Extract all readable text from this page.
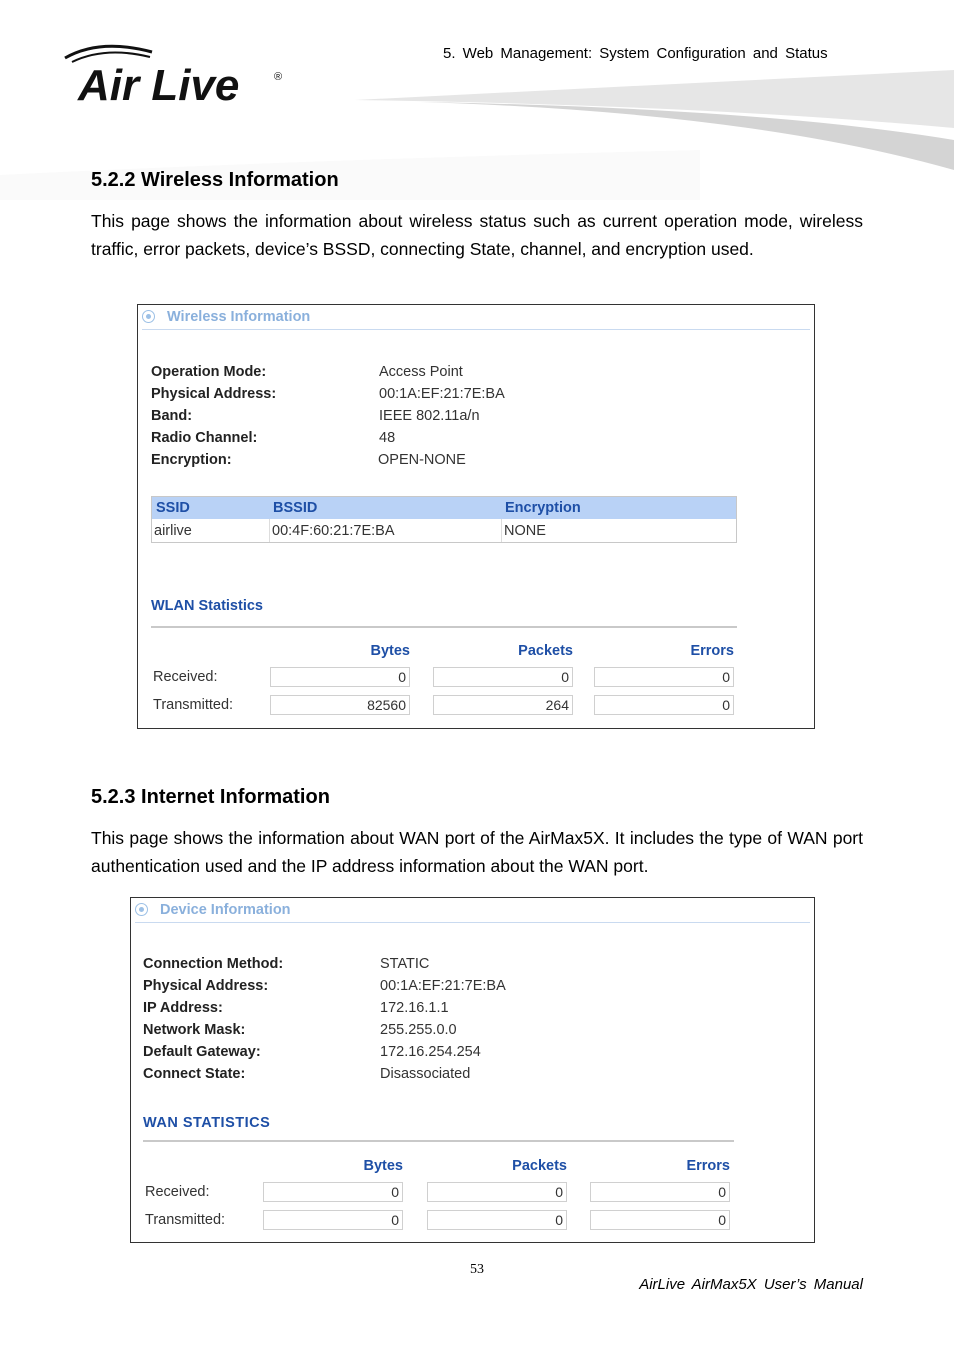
Air Live	®
5. Web Management: System Configuration and Status
5.2.2 Wireless Information

This page shows the information about wireless status such as current operation mode, wireless traffic, error packets, device’s BSSD, connecting State, channel, and encryption used.

Wireless Information
Operation Mode:	Access Point
Physical Address:	00:1A:EF:21:7E:BA
Band:	IEEE 802.11a/n
Radio Channel:	48
Encryption:	OPEN-NONE
SSID	BSSID	Encryption
airlive	00:4F:60:21:7E:BA	NONE
WLAN Statistics
Bytes	Packets	Errors
Received:	0	0	0
Transmitted:	82560	264	0
5.2.3 Internet Information

This page shows the information about WAN port of the AirMax5X. It includes the type of WAN port authentication used and the IP address information about the WAN port.

Device Information
Connection Method:	STATIC
Physical Address:	00:1A:EF:21:7E:BA
IP Address:	172.16.1.1
Network Mask:	255.255.0.0
Default Gateway:	172.16.254.254
Connect State:	Disassociated
WAN STATISTICS
Bytes	Packets	Errors
Received:	0	0	0
Transmitted:	0	0	0
53
AirLive AirMax5X User’s Manual
